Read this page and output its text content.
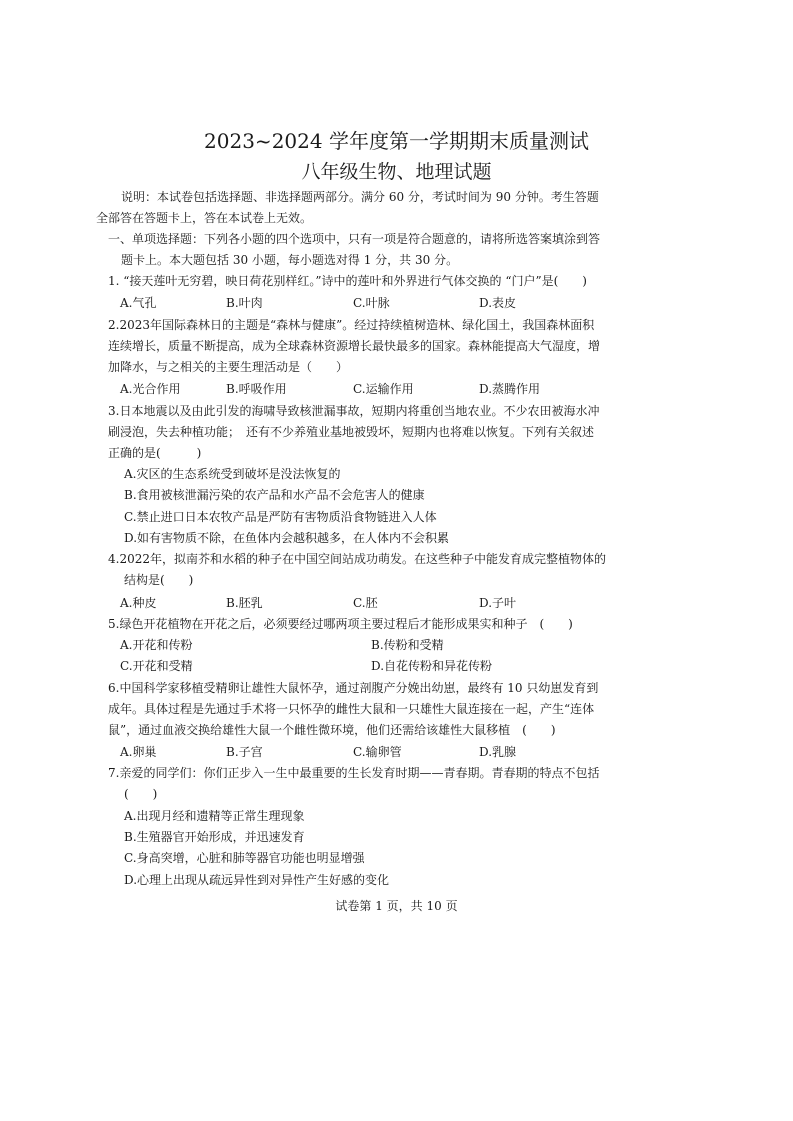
2023~2024 学年度第一学期期末质量测试
八年级生物、地理试题
说明：本试卷包括选择题、非选择题两部分。满分 60 分，考试时间为 90 分钟。考生答题
全部答在答题卡上，答在本试卷上无效。
一、单项选择题：下列各小题的四个选项中，只有一项是符合题意的，请将所选答案填涂到答
题卡上。本大题包括 30 小题，每小题选对得 1 分，共 30 分。
1. “接天莲叶无穷碧，映日荷花别样红。”诗中的莲叶和外界进行气体交换的 “门户”是(　　)
A.气孔	B.叶肉	C.叶脉	D.表皮
2.2023年国际森林日的主题是“森林与健康”。经过持续植树造林、绿化国土，我国森林面积
连续增长，质量不断提高，成为全球森林资源增长最快最多的国家。森林能提高大气湿度，增
加降水，与之相关的主要生理活动是（　　）
A.光合作用	B.呼吸作用	C.运输作用	D.蒸腾作用
3.日本地震以及由此引发的海啸导致核泄漏事故，短期内将重创当地农业。不少农田被海水冲
刷浸泡，失去种植功能；　还有不少养殖业基地被毁坏，短期内也将难以恢复。下列有关叙述
正确的是(　　　)
A.灾区的生态系统受到破坏是没法恢复的
B.食用被核泄漏污染的农产品和水产品不会危害人的健康
C.禁止进口日本农牧产品是严防有害物质沿食物链进入人体
D.如有害物质不除，在鱼体内会越积越多，在人体内不会积累
4.2022年，拟南芥和水稻的种子在中国空间站成功萌发。在这些种子中能发育成完整植物体的
结构是(　　)
A.种皮	B.胚乳	C.胚	D.子叶
5.绿色开花植物在开花之后，必须要经过哪两项主要过程后才能形成果实和种子　(　　)
A.开花和传粉	B.传粉和受精
C.开花和受精	D.自花传粉和异花传粉
6.中国科学家移植受精卵让雄性大鼠怀孕，通过剖腹产分娩出幼崽，最终有 10 只幼崽发育到
成年。具体过程是先通过手术将一只怀孕的雌性大鼠和一只雄性大鼠连接在一起，产生“连体
鼠”，通过血液交换给雄性大鼠一个雌性微环境，他们还需给该雄性大鼠移植　(　　)
A.卵巢	B.子宫	C.输卵管	D.乳腺
7.亲爱的同学们：你们正步入一生中最重要的生长发育时期——青春期。青春期的特点不包括
(　　)
A.出现月经和遗精等正常生理现象
B.生殖器官开始形成，并迅速发育
C.身高突增，心脏和肺等器官功能也明显增强
D.心理上出现从疏远异性到对异性产生好感的变化
试卷第 1 页，共 10 页
